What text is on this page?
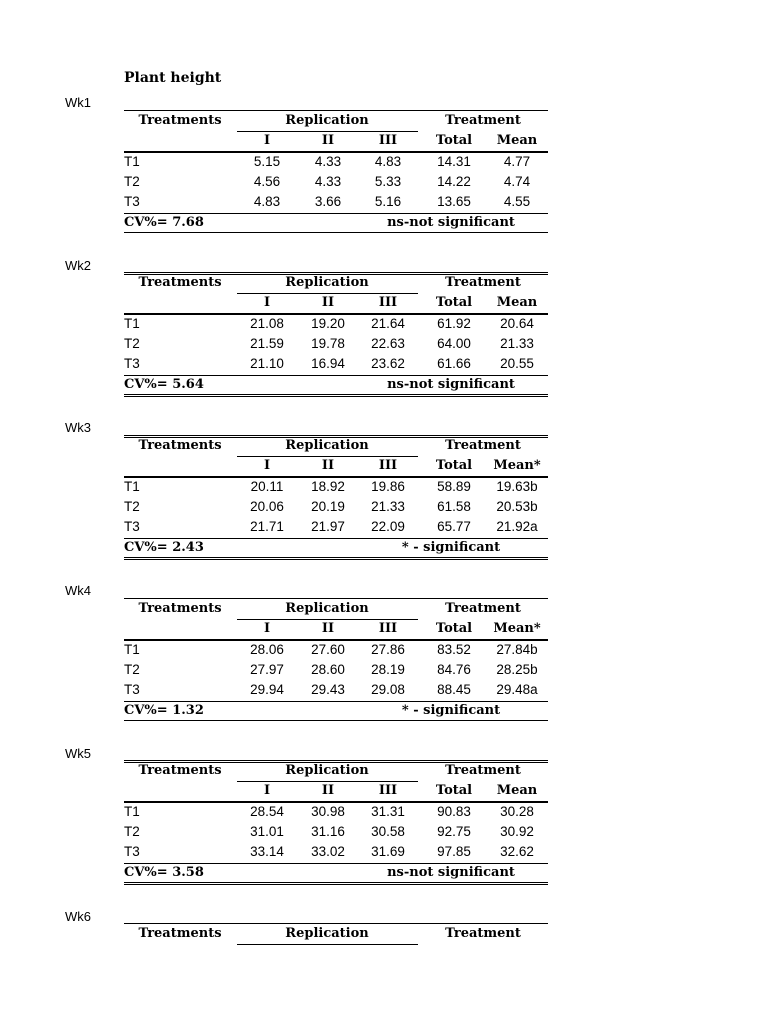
Plant height
Wk1
Treatments	Replication	Treatment
I	II	III	Total Mean
T1	5.15	4.33 4.83	14.31 4.77
T2	4.56	4.33 5.33	14.22 4.74
T3	4.83	3.66 5.16	13.65 4.55
CV%= 7.68	ns-not significant
Wk2
Treatments	Replication	Treatment
I	II	III	Total Mean
T1	21.08 19.20 21.64 61.92 20.64
T2	21.59 19.78 22.63 64.00 21.33
T3	21.10 16.94 23.62 61.66 20.55
CV%= 5.64	ns-not significant
Wk3
Treatments	Replication	Treatment
I	II	III	Total Mean*
T1	20.11 18.92 19.86 58.89 19.63b
T2	20.06 20.19 21.33 61.58 20.53b
T3	21.71 21.97 22.09 65.77 21.92a
CV%= 2.43	* - significant
Wk4
Treatments	Replication	Treatment
I	II	III	Total Mean*
T1	28.06 27.60 27.86 83.52 27.84b
T2	27.97 28.60 28.19 84.76 28.25b
T3	29.94 29.43 29.08 88.45 29.48a
CV%= 1.32	* - significant
Wk5
Treatments	Replication	Treatment
I	II	III	Total Mean
T1	28.54 30.98 31.31 90.83 30.28
T2	31.01 31.16 30.58 92.75 30.92
T3	33.14 33.02 31.69 97.85 32.62
CV%= 3.58	ns-not significant
Wk6
Treatments	Replication	Treatment
